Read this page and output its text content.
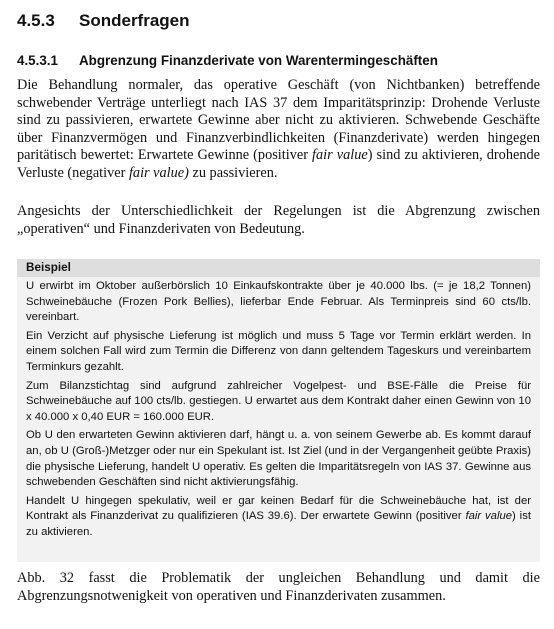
4.5.3 Sonderfragen
4.5.3.1 Abgrenzung Finanzderivate von Warentermingeschäften

Die Behandlung normaler, das operative Geschäft (von Nichtbanken) betreffende schwebender Verträge unterliegt nach IAS 37 dem Imparitätsprinzip: Drohende Verluste sind zu passivieren, erwartete Gewinne aber nicht zu aktivieren. Schwebende Geschäfte über Finanzvermögen und Finanzverbindlichkeiten (Finanzderivate) werden hingegen paritätisch bewertet: Erwartete Gewinne (positiver fair value) sind zu aktivieren, drohende Verluste (negativer fair value) zu passivieren.

Angesichts der Unterschiedlichkeit der Regelungen ist die Abgrenzung zwischen „operativen“ und Finanzderivaten von Bedeutung.

Beispiel

U erwirbt im Oktober außerbörslich 10 Einkaufskontrakte über je 40.000 lbs. (= je 18,2 Tonnen) Schweinebäuche (Frozen Pork Bellies), lieferbar Ende Februar. Als Terminpreis sind 60 cts/lb. vereinbart.

Ein Verzicht auf physische Lieferung ist möglich und muss 5 Tage vor Termin erklärt werden. In einem solchen Fall wird zum Termin die Differenz von dann geltendem Tageskurs und vereinbartem Terminkurs gezahlt.

Zum Bilanzstichtag sind aufgrund zahlreicher Vogelpest- und BSE-Fälle die Preise für Schweinebäuche auf 100 cts/lb. gestiegen. U erwartet aus dem Kontrakt daher einen Gewinn von 10 x 40.000 x 0,40 EUR = 160.000 EUR.

Ob U den erwarteten Gewinn aktivieren darf, hängt u. a. von seinem Gewerbe ab. Es kommt darauf an, ob U (Groß-)Metzger oder nur ein Spekulant ist. Ist Ziel (und in der Vergangenheit geübte Praxis) die physische Lieferung, handelt U operativ. Es gelten die Imparitätsregeln von IAS 37. Gewinne aus schwebenden Geschäften sind nicht aktivierungsfähig.

Handelt U hingegen spekulativ, weil er gar keinen Bedarf für die Schweinebäuche hat, ist der Kontrakt als Finanzderivat zu qualifizieren (IAS 39.6). Der erwartete Gewinn (positiver fair value) ist zu aktivieren.

Abb. 32 fasst die Problematik der ungleichen Behandlung und damit die Abgrenzungsnotwenigkeit von operativen und Finanzderivaten zusammen.
